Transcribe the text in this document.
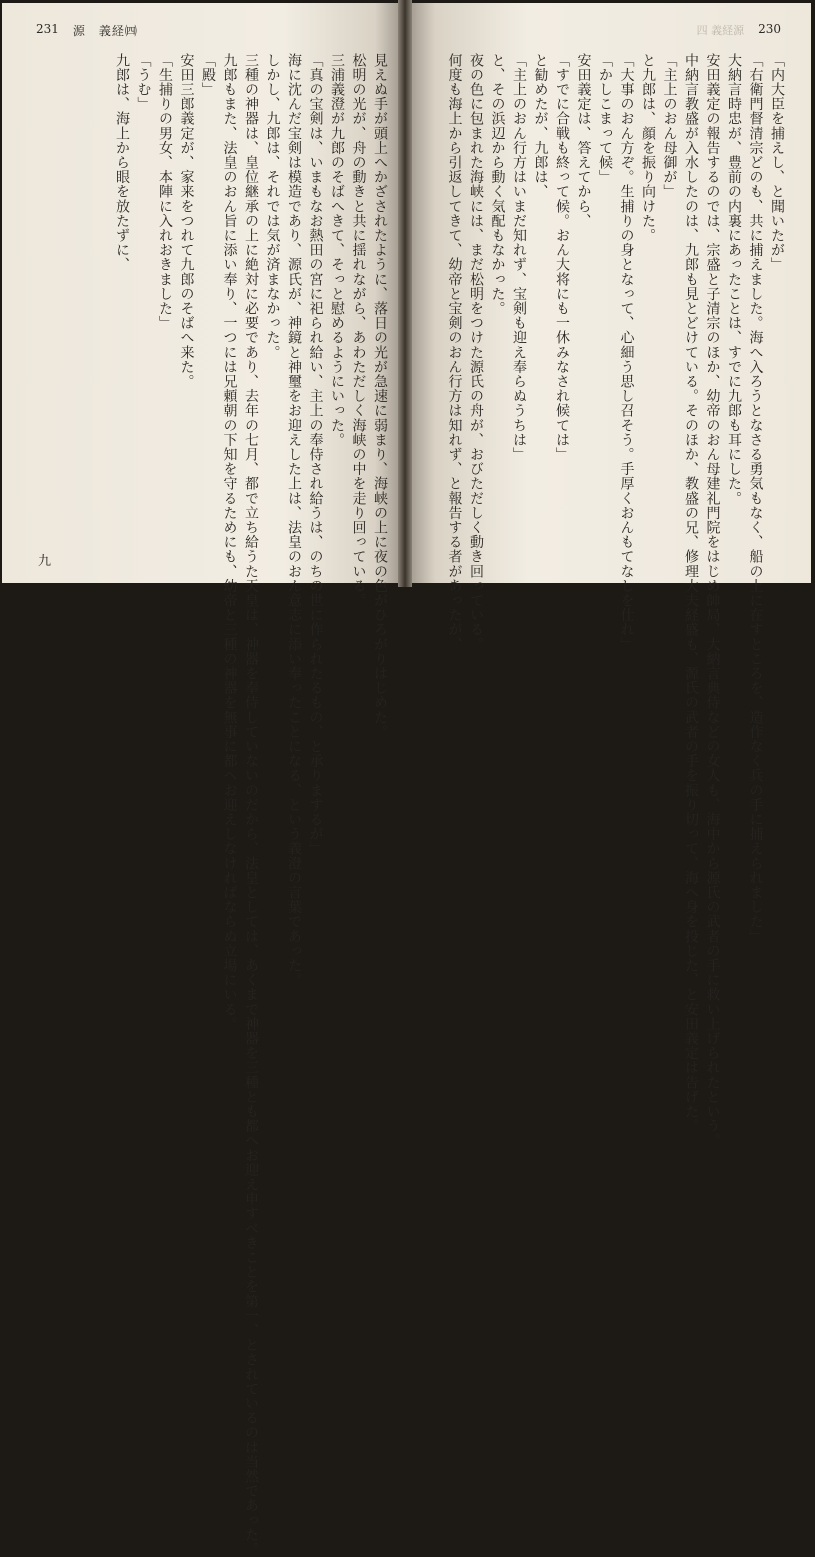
231 源　義経㈣

見えぬ手が頭上へかざされたように、落日の光が急速に弱まり、海峡の上に夜の色がひろがりはじめた。

松明の光が、舟の動きと共に揺れながら、あわただしく海峡の中を走り回っている。

三浦義澄が九郎のそばへきて、そっと慰めるようにいった。

「真の宝剣は、いまもなお熱田の宮に祀られ給い、主上の奉侍され給うは、のちの世に作られたるもの、と承りまするが」

海に沈んだ宝剣は模造であり、源氏が、神鏡と神璽をお迎えした上は、法皇のおん意志に添い奉ったことになる、という義澄の言葉であった。

しかし、九郎は、それでは気が済まなかった。

三種の神器は、皇位継承の上に絶対に必要であり、去年の七月、都で立ち給うた天皇は、神器を奉侍していないのだから、法皇としては、あくまで神器を三種とも都へお迎え申すべきことを第一、とされているのは当然であった。

九郎もまた、法皇のおん旨に添い奉り、一つには兄頼朝の下知を守るためにも、幼帝と三種の神器を無事に都へお迎えしなければならぬ立場にいる。

「殿」

安田三郎義定が、家来をつれて九郎のそばへ来た。

「生捕りの男女、本陣に入れおきました」

「うむ」

九郎は、海上から眼を放たずに、

九
四 義経源 230

「内大臣を捕えし、と聞いたが」

「右衛門督清宗どのも、共に捕えました。海へ入ろうとなさる勇気もなく、船の上に在すところを、造作なく兵の手に捕えられました」

大納言時忠が、豊前の内裏にあったことは、すでに九郎も耳にした。

安田義定の報告するのでは、宗盛と子清宗のほか、幼帝のおん母建礼門院をはじめ帥局、大納言典侍などの女人も、海中から源氏の武者の手に救い上げられたという。

中納言教盛が入水したのは、九郎も見とどけている。そのほか、教盛の兄、修理大夫経盛も、源氏の武者の手を振り切って、海へ身を投じた、と安田義定は告げた。

「主上のおん母御が」

と九郎は、顔を振り向けた。

「大事のおん方ぞ。生捕りの身となって、心細う思し召そう。手厚くおんもてなしを仕れ」

「かしこまって候」

安田義定は、答えてから、

「すでに合戦も終って候。おん大将にも一休みなされ候ては」

と勧めたが、九郎は、

「主上のおん行方はいまだ知れず、宝剣も迎え奉らぬうちは」

と、その浜辺から動く気配もなかった。

夜の色に包まれた海峡には、まだ松明をつけた源氏の舟が、おびただしく動き回っている。

何度も海上から引返してきて、幼帝と宝剣のおん行方は知れず、と報告する者があったが、
